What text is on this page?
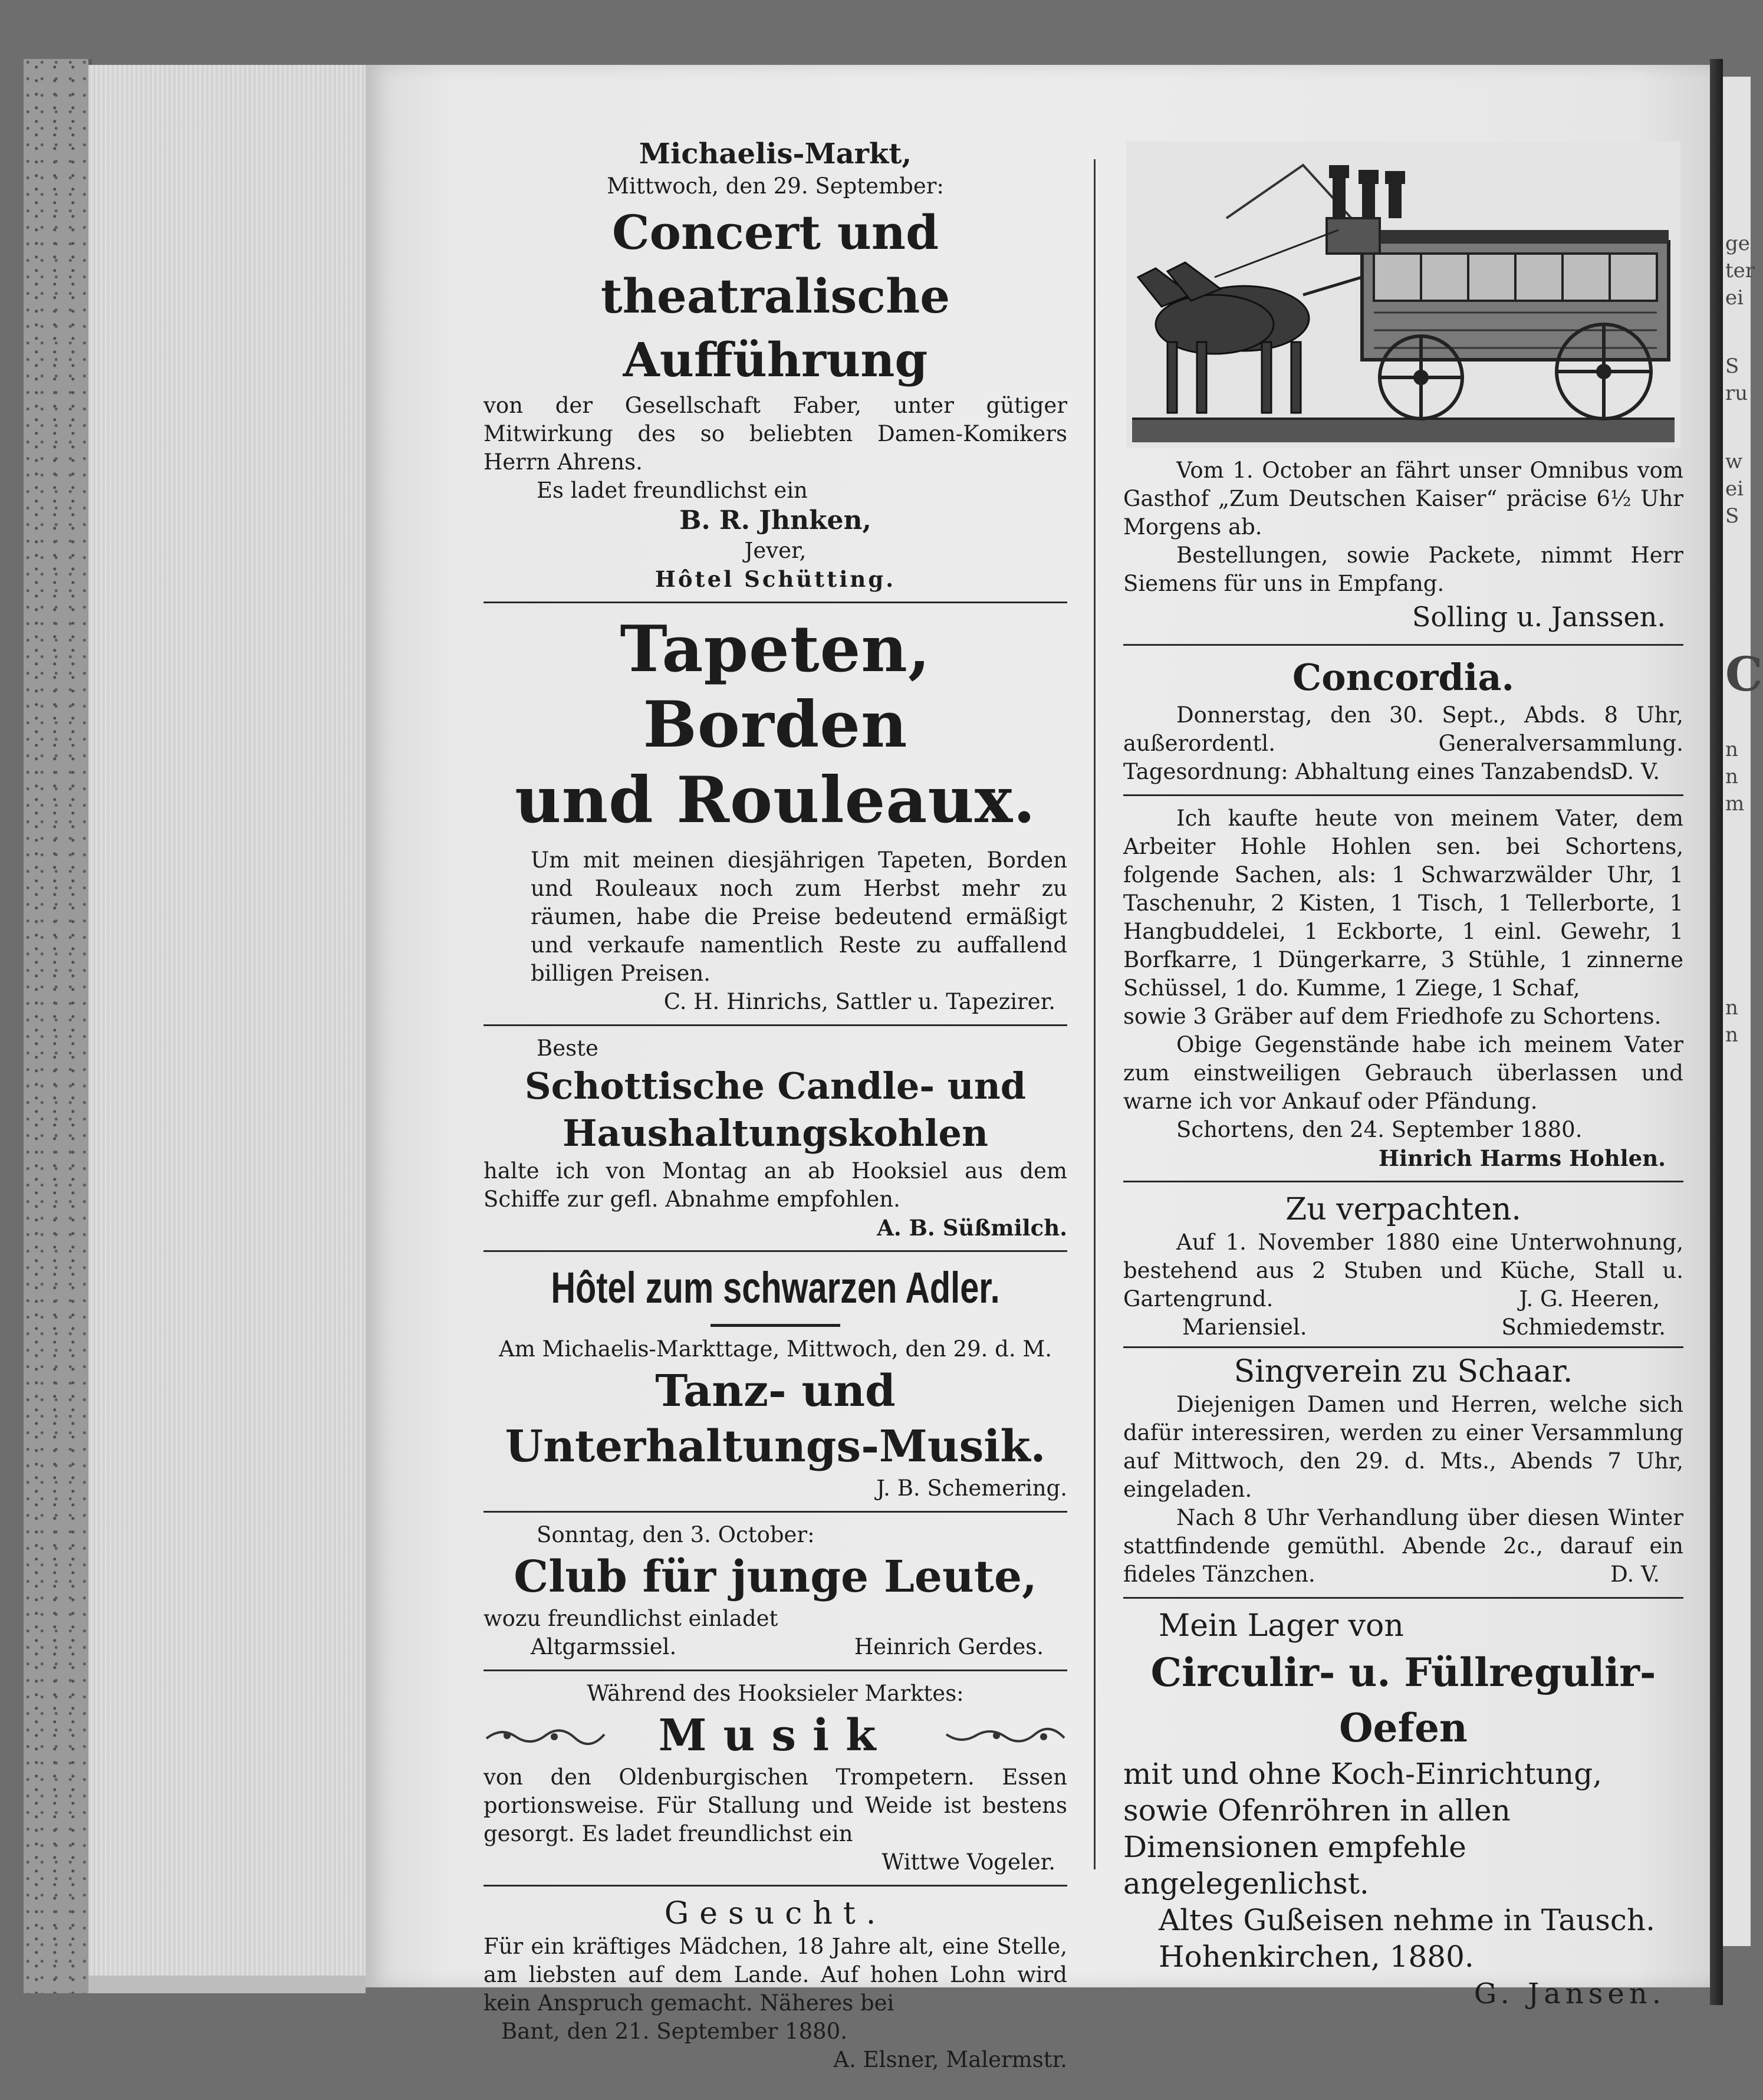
ge
ter
ei
S
ru
w
ei
S
C
n
n
m
n
n
Michaelis-Markt,
Mittwoch, den 29. September:
Concert und theatralische
Aufführung
von der Gesellschaft Faber, unter gütiger Mitwirkung des so beliebten Damen-Komikers Herrn Ahrens.
Es ladet freundlichst ein
B. R. Jhnken,
Jever,
Hôtel Schütting.
Tapeten, Borden
und Rouleaux.
Um mit meinen diesjährigen Tapeten, Borden und Rouleaux noch zum Herbst mehr zu räumen, habe die Preise bedeutend ermäßigt und verkaufe namentlich Reste zu auffallend billigen Preisen.
C. H. Hinrichs, Sattler u. Tapezirer.
Beste
Schottische Candle- und
Haushaltungskohlen
halte ich von Montag an ab Hooksiel aus dem Schiffe zur gefl. Abnahme empfohlen.
A. B. Süßmilch.
Hôtel zum schwarzen Adler.
Am Michaelis-Markttage, Mittwoch, den 29. d. M.
Tanz- und
Unterhaltungs-Musik.
J. B. Schemering.
Sonntag, den 3. October:
Club für junge Leute,
wozu freundlichst einladet
Altgarmssiel.	Heinrich Gerdes.
Während des Hooksieler Marktes:
Musik
von den Oldenburgischen Trompetern. Essen portionsweise. Für Stallung und Weide ist bestens gesorgt. Es ladet freundlichst ein
Wittwe Vogeler.
Gesucht.
Für ein kräftiges Mädchen, 18 Jahre alt, eine Stelle, am liebsten auf dem Lande. Auf hohen Lohn wird kein Anspruch gemacht. Näheres bei
Bant, den 21. September 1880.
A. Elsner, Malermstr.
Vom 1. October an fährt unser Omnibus vom Gasthof „Zum Deutschen Kaiser“ präcise 6½ Uhr Morgens ab.
Bestellungen, sowie Packete, nimmt Herr Siemens für uns in Empfang.
Solling u. Janssen.
Concordia.
Donnerstag, den 30. Sept., Abds. 8 Uhr, außerordentl. Generalversammlung. Tagesordnung: Abhaltung eines Tanzabends.
D. V.
Ich kaufte heute von meinem Vater, dem Arbeiter Hohle Hohlen sen. bei Schortens, folgende Sachen, als: 1 Schwarzwälder Uhr, 1 Taschenuhr, 2 Kisten, 1 Tisch, 1 Tellerborte, 1 Hangbuddelei, 1 Eckborte, 1 einl. Gewehr, 1 Borfkarre, 1 Düngerkarre, 3 Stühle, 1 zinnerne Schüssel, 1 do. Kumme, 1 Ziege, 1 Schaf,
sowie 3 Gräber auf dem Friedhofe zu Schortens.
Obige Gegenstände habe ich meinem Vater zum einstweiligen Gebrauch überlassen und warne ich vor Ankauf oder Pfändung.
Schortens, den 24. September 1880.
Hinrich Harms Hohlen.
Zu verpachten.
Auf 1. November 1880 eine Unterwohnung, bestehend aus 2 Stuben und Küche, Stall u. Gartengrund.	J. G. Heeren,
Mariensiel.	Schmiedemstr.
Singverein zu Schaar.
Diejenigen Damen und Herren, welche sich dafür interessiren, werden zu einer Versammlung auf Mittwoch, den 29. d. Mts., Abends 7 Uhr, eingeladen.
Nach 8 Uhr Verhandlung über diesen Winter stattfindende gemüthl. Abende 2c., darauf ein fideles Tänzchen.	D. V.
Mein Lager von
Circulir- u. Füllregulir-
Oefen
mit und ohne Koch-Einrichtung, sowie Ofenröhren in allen Dimensionen empfehle angelegenlichst.
Altes Gußeisen nehme in Tausch.
Hohenkirchen, 1880.
G. Jansen.
